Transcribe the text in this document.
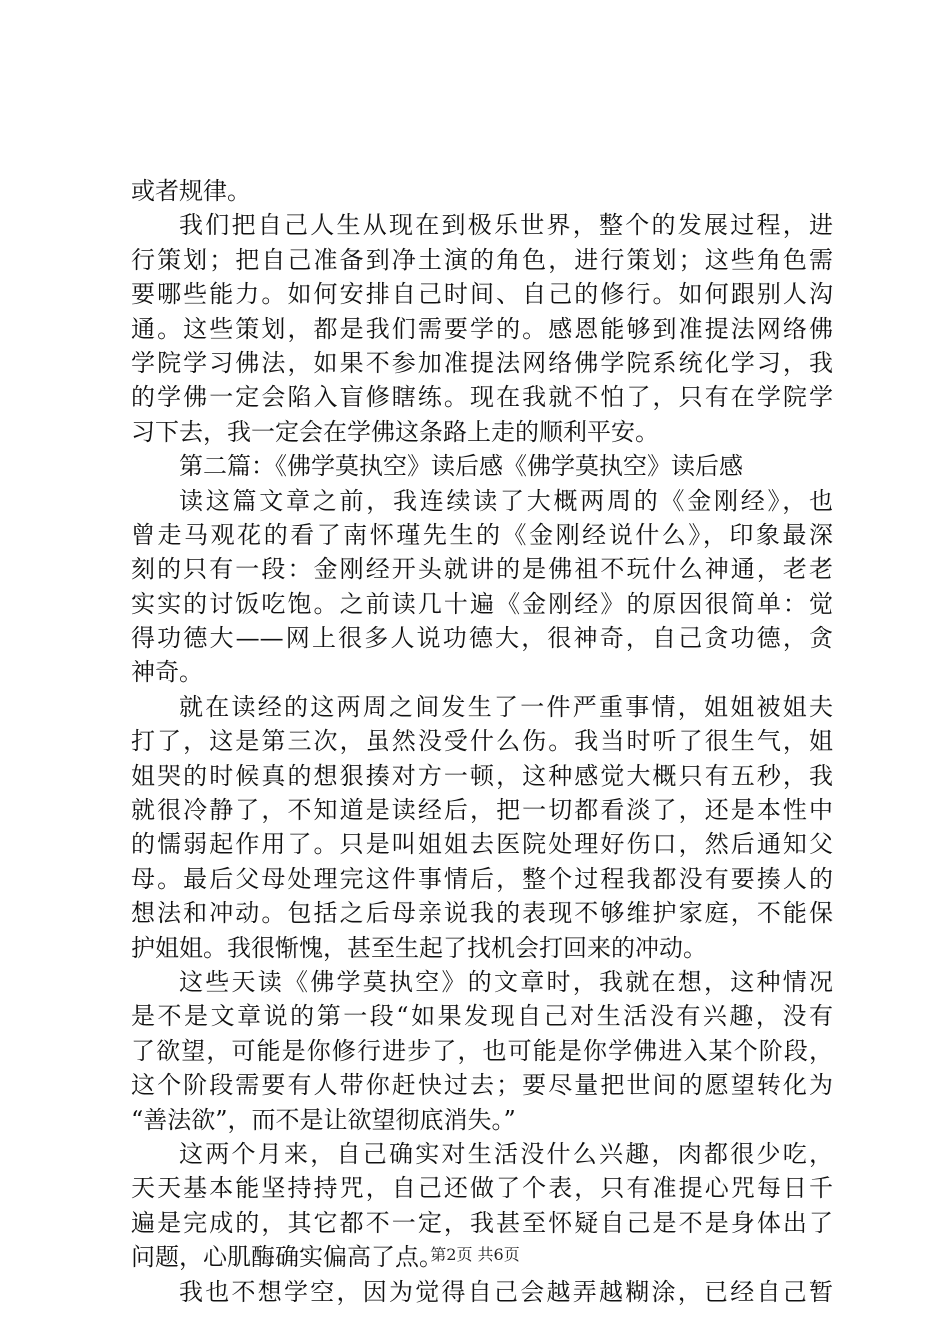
或者规律。
我们把自己人生从现在到极乐世界，整个的发展过程，进
行策划；把自己准备到净土演的角色，进行策划；这些角色需
要哪些能力。如何安排自己时间、自己的修行。如何跟别人沟
通。这些策划，都是我们需要学的。感恩能够到准提法网络佛
学院学习佛法，如果不参加准提法网络佛学院系统化学习，我
的学佛一定会陷入盲修瞎练。现在我就不怕了，只有在学院学
习下去，我一定会在学佛这条路上走的顺利平安。
第二篇：《佛学莫执空》读后感《佛学莫执空》读后感
读这篇文章之前，我连续读了大概两周的《金刚经》，也
曾走马观花的看了南怀瑾先生的《金刚经说什么》，印象最深
刻的只有一段：金刚经开头就讲的是佛祖不玩什么神通，老老
实实的讨饭吃饱。之前读几十遍《金刚经》的原因很简单：觉
得功德大——网上很多人说功德大，很神奇，自己贪功德，贪
神奇。
就在读经的这两周之间发生了一件严重事情，姐姐被姐夫
打了，这是第三次，虽然没受什么伤。我当时听了很生气，姐
姐哭的时候真的想狠揍对方一顿，这种感觉大概只有五秒，我
就很冷静了，不知道是读经后，把一切都看淡了，还是本性中
的懦弱起作用了。只是叫姐姐去医院处理好伤口，然后通知父
母。最后父母处理完这件事情后，整个过程我都没有要揍人的
想法和冲动。包括之后母亲说我的表现不够维护家庭，不能保
护姐姐。我很惭愧，甚至生起了找机会打回来的冲动。
这些天读《佛学莫执空》的文章时，我就在想，这种情况
是不是文章说的第一段“如果发现自己对生活没有兴趣，没有
了欲望，可能是你修行进步了，也可能是你学佛进入某个阶段，
这个阶段需要有人带你赶快过去；要尽量把世间的愿望转化为
“善法欲”，而不是让欲望彻底消失。”
这两个月来，自己确实对生活没什么兴趣，肉都很少吃，
天天基本能坚持持咒，自己还做了个表，只有准提心咒每日千
遍是完成的，其它都不一定，我甚至怀疑自己是不是身体出了
问题，心肌酶确实偏高了点。
我也不想学空，因为觉得自己会越弄越糊涂，已经自己暂
第2页 共6页
